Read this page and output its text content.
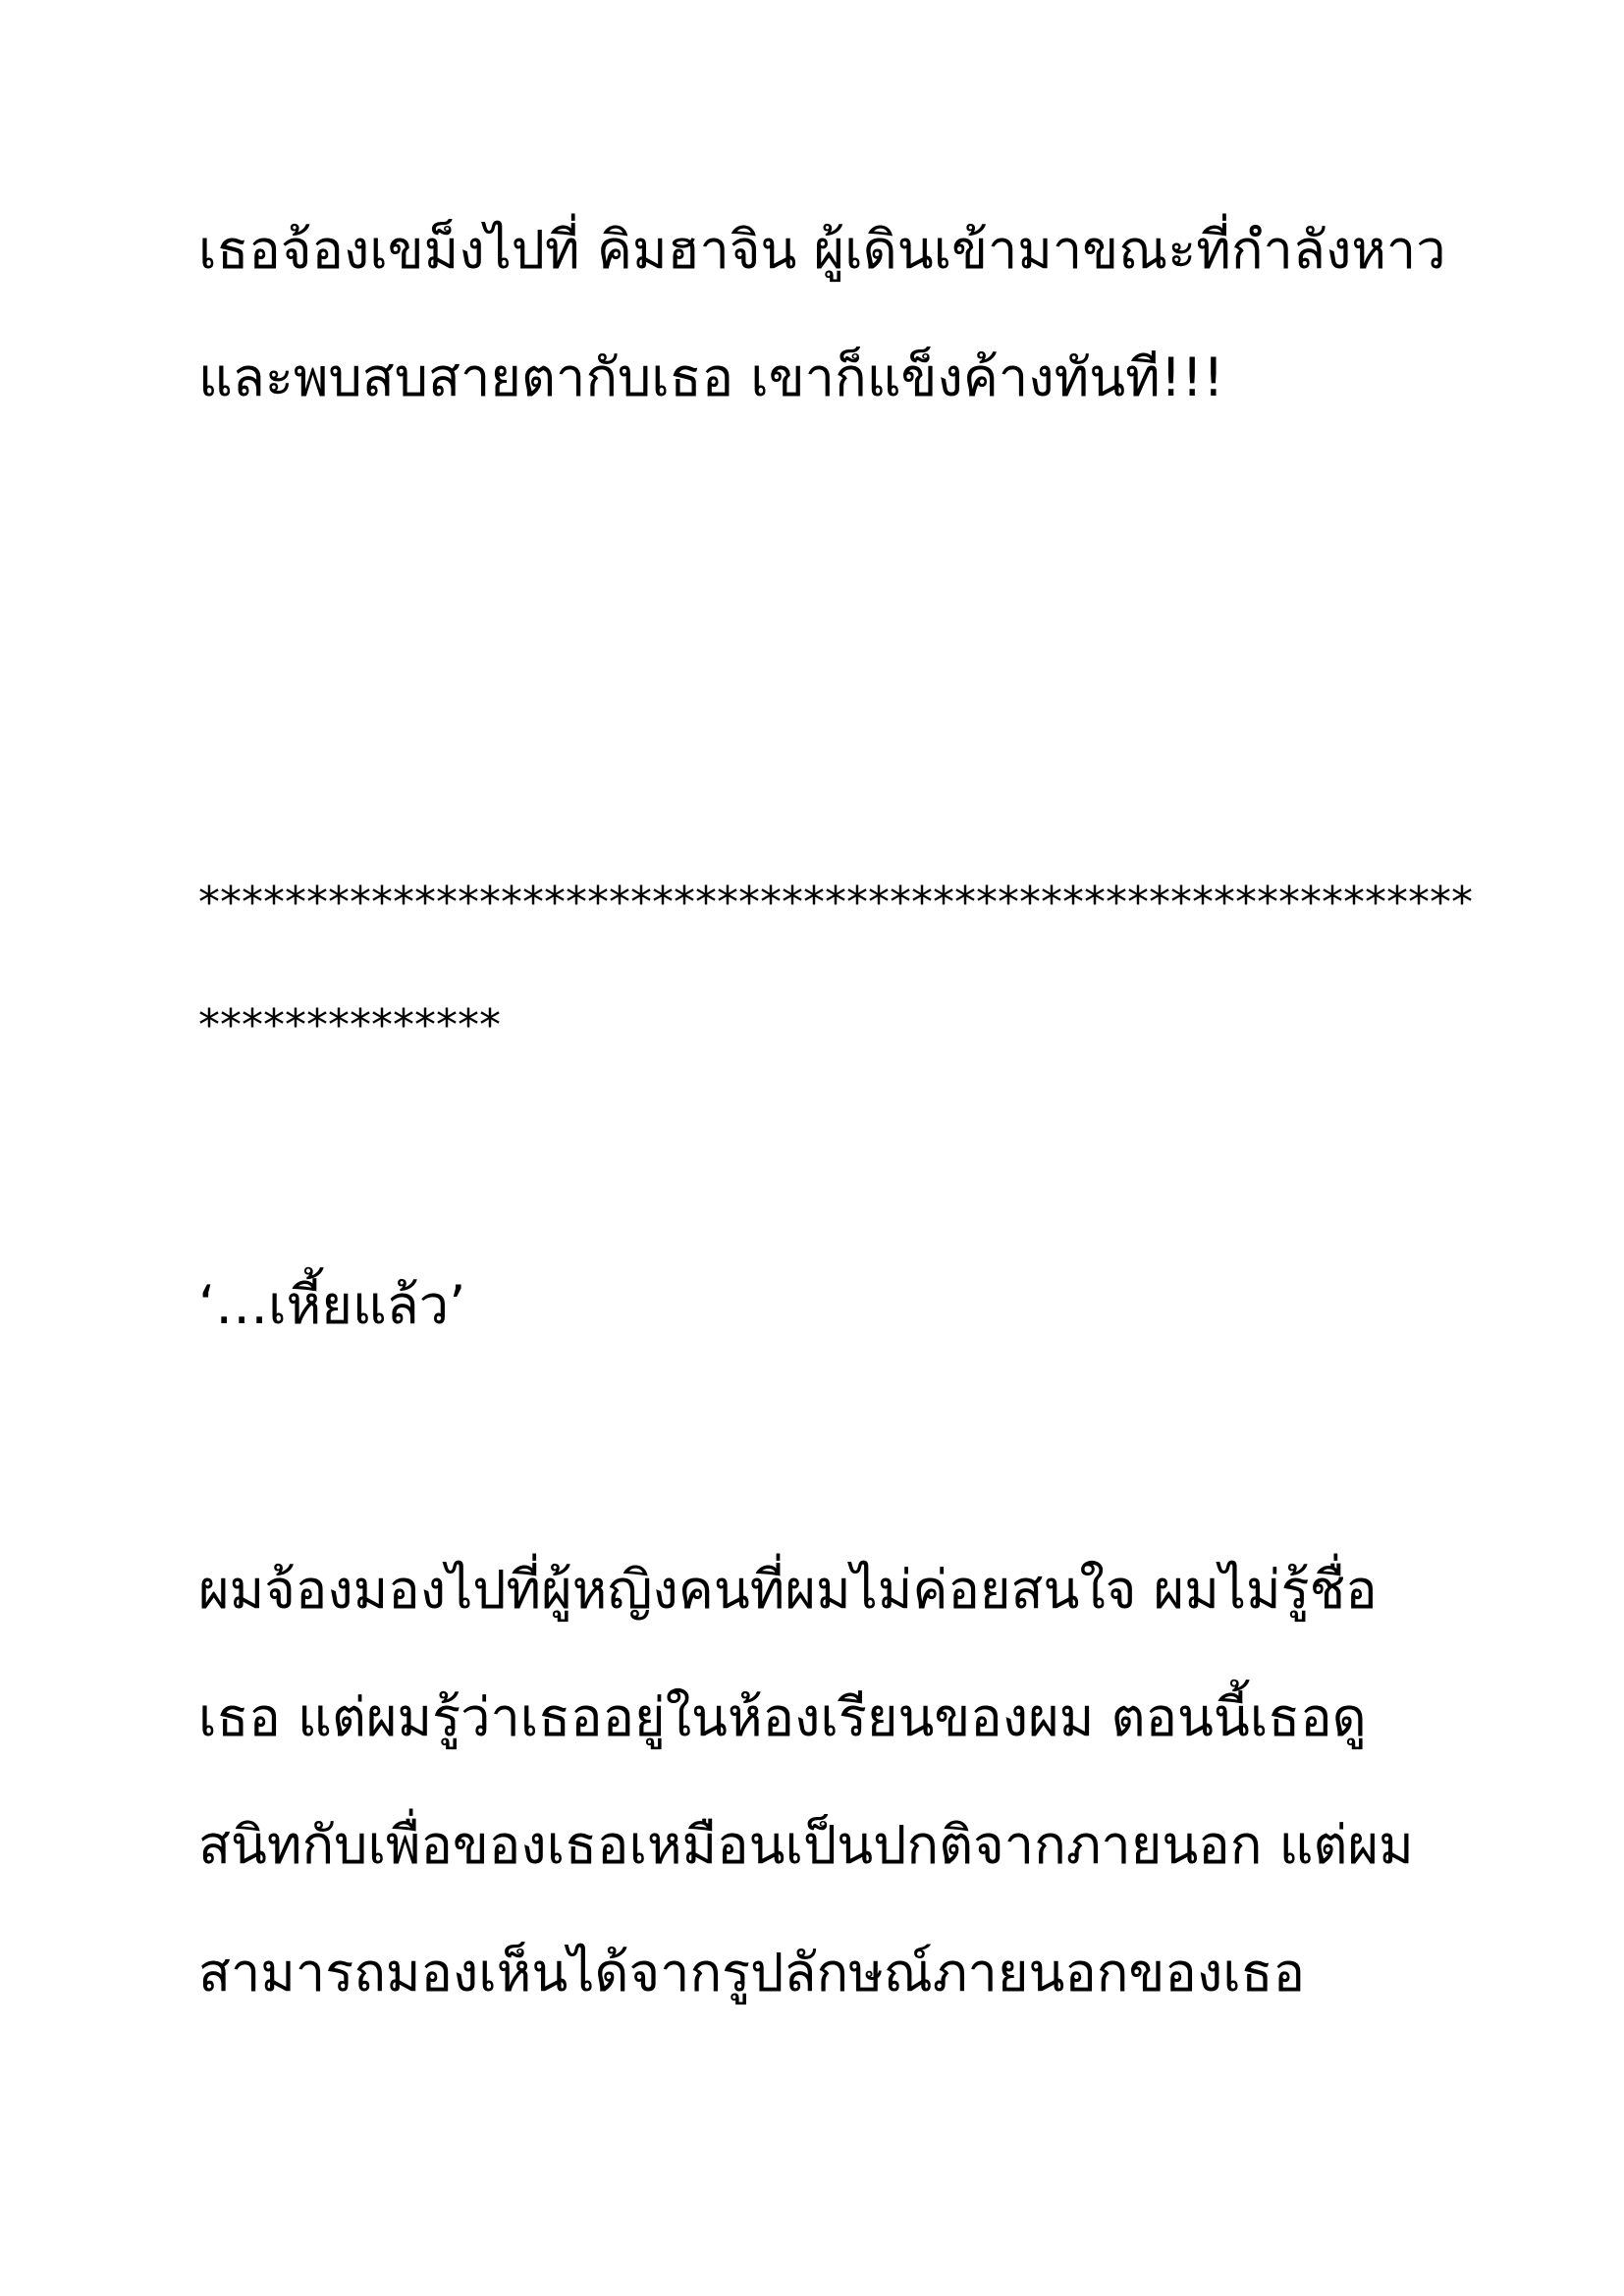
เธอจ้องเขม็งไปที่ คิมฮาจิน ผู้เดินเข้ามาขณะที่กำลังหาว
และพบสบสายตากับเธอ เขาก็แข็งค้างทันที!!!
***********************************************************
**************
‘…เหี้ยแล้ว’
ผมจ้องมองไปที่ผู้หญิงคนที่ผมไม่ค่อยสนใจ ผมไม่รู้ชื่อ
เธอ แต่ผมรู้ว่าเธออยู่ในห้องเรียนของผม ตอนนี้เธอดู
สนิทกับเพื่อของเธอเหมือนเป็นปกติจากภายนอก แต่ผม
สามารถมองเห็นได้จากรูปลักษณ์ภายนอกของเธอ
